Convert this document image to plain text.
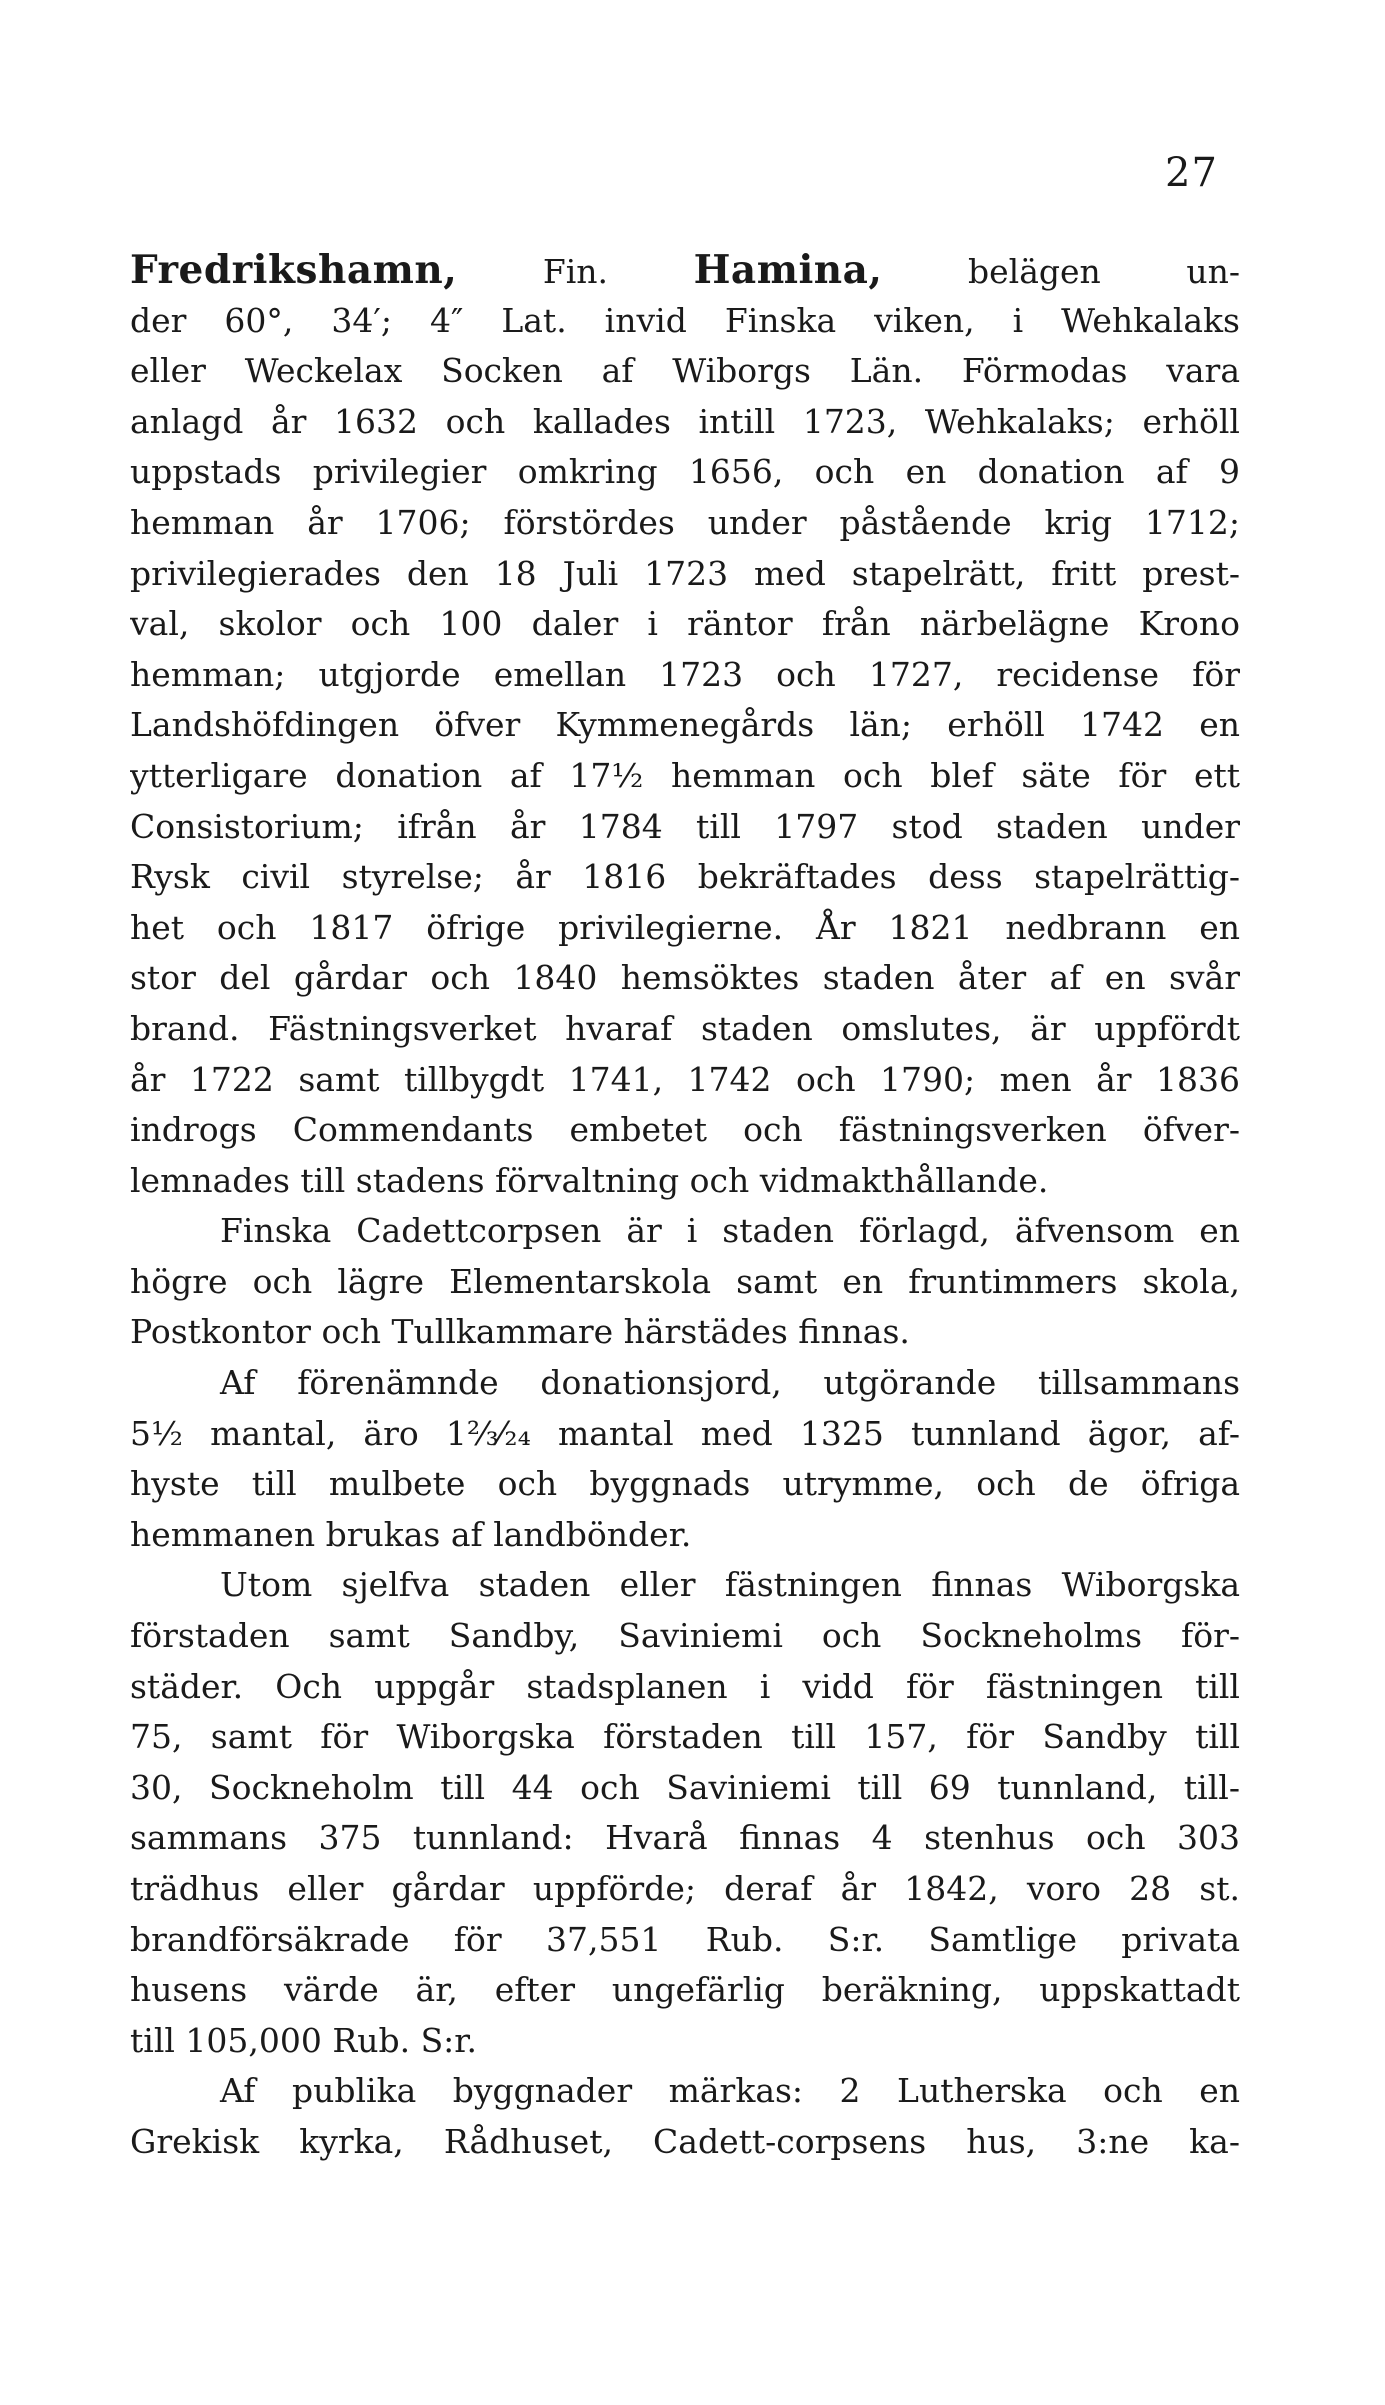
27
Fredrikshamn,	Fin. Hamina, belägen un-
der 60°, 34′; 4″ Lat. invid Finska viken, i Wehkalaks
eller Weckelax Socken af Wiborgs Län. Förmodas vara
anlagd år 1632 och kallades intill 1723, Wehkalaks; erhöll
uppstads privilegier omkring 1656, och en donation af 9
hemman år 1706; förstördes under påstående krig 1712;
privilegierades den 18 Juli 1723 med stapelrätt, fritt prest-
val, skolor och 100 daler i räntor från närbelägne Krono
hemman; utgjorde emellan 1723 och 1727, recidense för
Landshöfdingen öfver Kymmenegårds län; erhöll 1742 en
ytterligare donation af 17½ hemman och blef säte för ett
Consistorium; ifrån år 1784 till 1797 stod staden under
Rysk civil styrelse; år 1816 bekräftades dess stapelrättig-
het och 1817 öfrige privilegierne. År 1821 nedbrann en
stor del gårdar och 1840 hemsöktes staden åter af en svår
brand. Fästningsverket hvaraf staden omslutes, är uppfördt
år 1722 samt tillbygdt 1741, 1742 och 1790; men år 1836
indrogs Commendants embetet och fästningsverken öfver-
lemnades till stadens förvaltning och vidmakthållande.
Finska Cadettcorpsen är i staden förlagd, äfvensom en
högre och lägre Elementarskola samt en fruntimmers skola,
Postkontor och Tullkammare härstädes finnas.
Af förenämnde donationsjord, utgörande tillsammans
5½ mantal, äro 1⅔⁄₂₄ mantal med 1325 tunnland ägor, af-
hyste till mulbete och byggnads utrymme, och de öfriga
hemmanen brukas af landbönder.
Utom sjelfva staden eller fästningen finnas Wiborgska
förstaden samt Sandby, Saviniemi och Sockneholms för-
städer. Och uppgår stadsplanen i vidd för fästningen till
75, samt för Wiborgska förstaden till 157, för Sandby till
30, Sockneholm till 44 och Saviniemi till 69 tunnland, till-
sammans 375 tunnland: Hvarå finnas 4 stenhus och 303
trädhus eller gårdar uppförde; deraf år 1842, voro 28 st.
brandförsäkrade för 37,551 Rub. S:r. Samtlige privata
husens värde är, efter ungefärlig beräkning, uppskattadt
till 105,000 Rub. S:r.
Af publika byggnader märkas: 2 Lutherska och en
Grekisk kyrka, Rådhuset, Cadett-corpsens hus, 3:ne ka-
